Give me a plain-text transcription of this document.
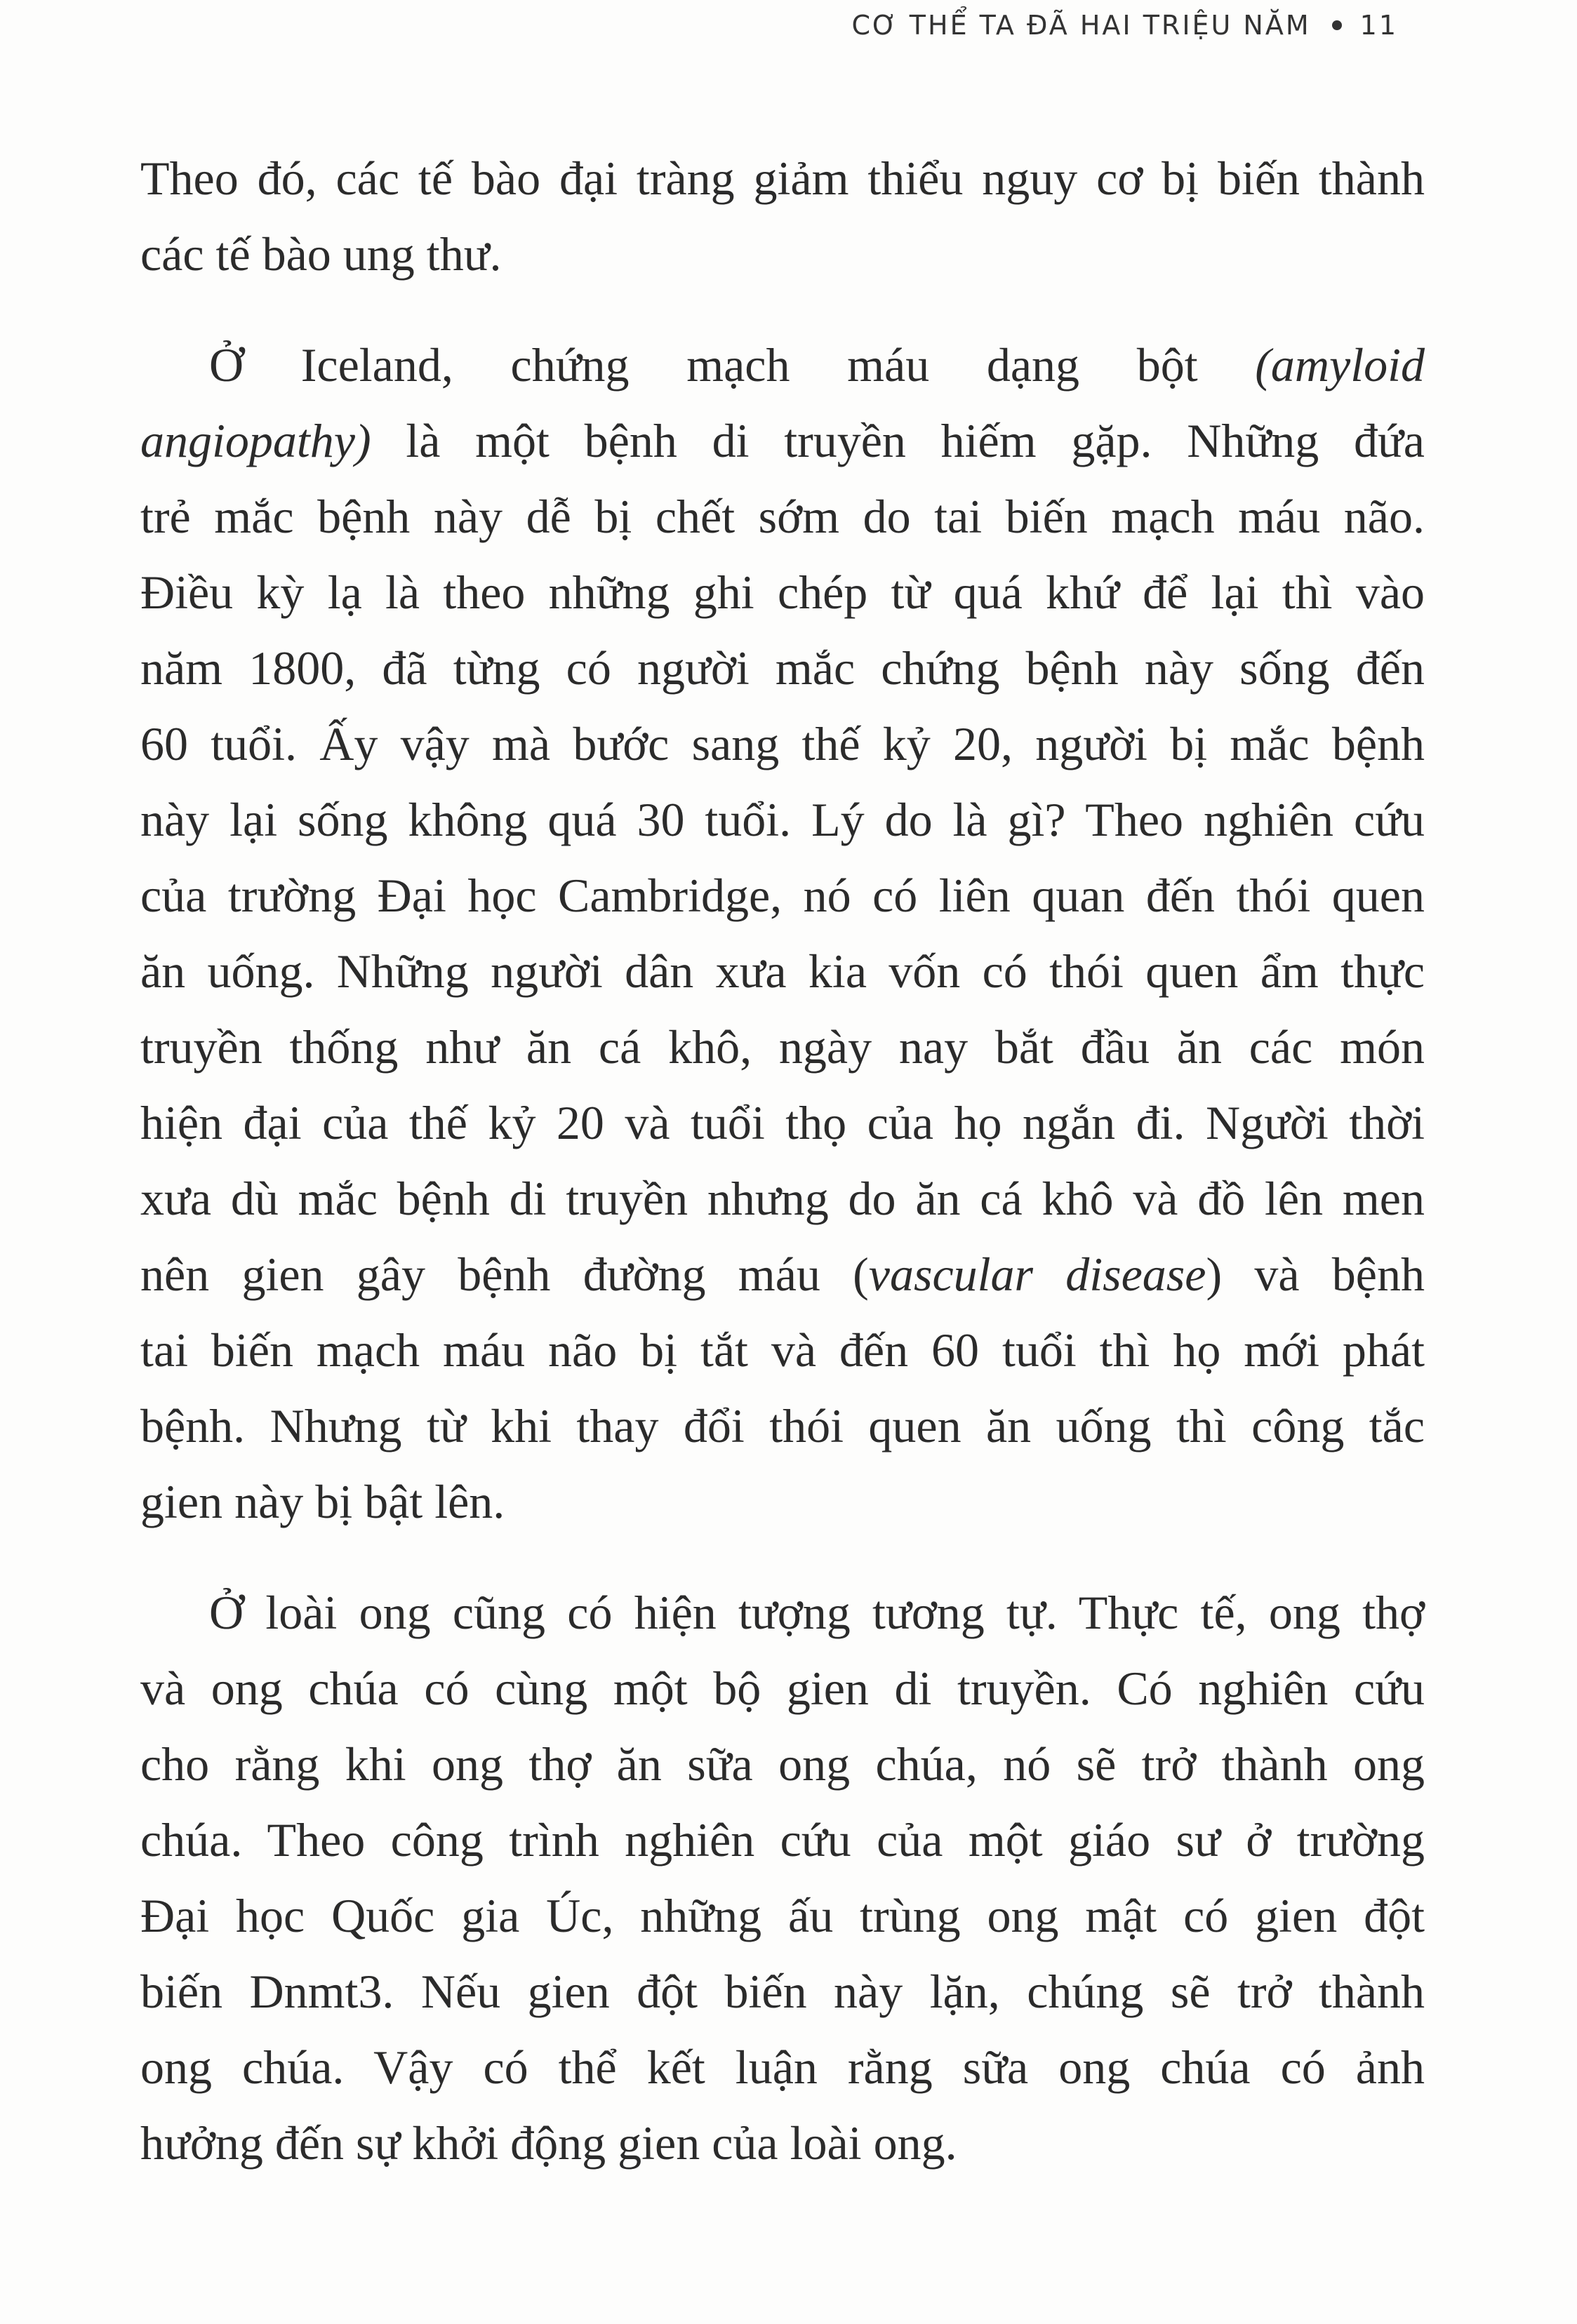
CƠ THỂ TA ĐÃ HAI TRIỆU NĂM 11
Theo đó, các tế bào đại tràng giảm thiểu nguy cơ bị biến thành
các tế bào ung thư.
Ở Iceland, chứng mạch máu dạng bột (amyloid
angiopathy) là một bệnh di truyền hiếm gặp. Những đứa
trẻ mắc bệnh này dễ bị chết sớm do tai biến mạch máu não.
Điều kỳ lạ là theo những ghi chép từ quá khứ để lại thì vào
năm 1800, đã từng có người mắc chứng bệnh này sống đến
60 tuổi. Ấy vậy mà bước sang thế kỷ 20, người bị mắc bệnh
này lại sống không quá 30 tuổi. Lý do là gì? Theo nghiên cứu
của trường Đại học Cambridge, nó có liên quan đến thói quen
ăn uống. Những người dân xưa kia vốn có thói quen ẩm thực
truyền thống như ăn cá khô, ngày nay bắt đầu ăn các món
hiện đại của thế kỷ 20 và tuổi thọ của họ ngắn đi. Người thời
xưa dù mắc bệnh di truyền nhưng do ăn cá khô và đồ lên men
nên gien gây bệnh đường máu (vascular disease) và bệnh
tai biến mạch máu não bị tắt và đến 60 tuổi thì họ mới phát
bệnh. Nhưng từ khi thay đổi thói quen ăn uống thì công tắc
gien này bị bật lên.
Ở loài ong cũng có hiện tượng tương tự. Thực tế, ong thợ
và ong chúa có cùng một bộ gien di truyền. Có nghiên cứu
cho rằng khi ong thợ ăn sữa ong chúa, nó sẽ trở thành ong
chúa. Theo công trình nghiên cứu của một giáo sư ở trường
Đại học Quốc gia Úc, những ấu trùng ong mật có gien đột
biến Dnmt3. Nếu gien đột biến này lặn, chúng sẽ trở thành
ong chúa. Vậy có thể kết luận rằng sữa ong chúa có ảnh
hưởng đến sự khởi động gien của loài ong.
